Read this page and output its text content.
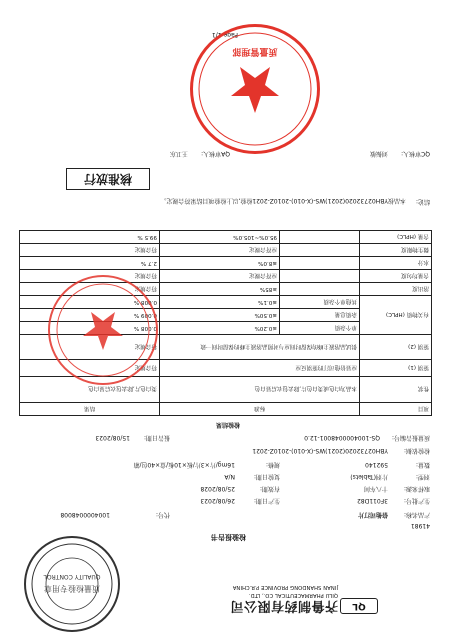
Page 1/1
41981
QL
齐鲁制药有限公司
QILU PHARMACEUTICAL CO., LTD.
JINAN SHANDONG PROVINCE P.R.CHINA
检验报告书
产品名称:
倍他司汀片
代号:
1004000048008
生产批号:
3F011D82
生产日期:
26/08/2023
取样来源:
十八车间
有效期:
25/08/2028
剂型:
片剂(Tablets)
复验日期:
N/A
数量:
592140
规格:
16mg/片×3片/板×10板/盒×40包/箱
检验依据:
YBH02732020(2021)WS-(X-010)-2010Z-2021
质量报告编号:
QS-1004000048001-12.0
报告日期:
15/08/2023
检验结果
项目	标准		结果
性状	本品为白色或类白色片,除去包衣后显白色		类白色片,除去包衣后显白色
鉴别 (1)	应显倍他司汀的鉴别反应		符合规定
鉴别 (2)	供试品溶液主峰的保留时间应与对照品溶液主峰的保留时间一致		符合规定
有关物质 (HPLC)	单个杂质	≤0.20%	0.008 %
	杂质总量	≤0.50%	0.009 %
	其他单个杂质	≤0.1%	0.008 %
溶出度		≥85%	符合规定
含量均匀度		应符合规定	符合规定
水分		≤8.0%	2.7 %
微生物限度		应符合规定	符合规定
含量 (HPLC)		95.0%~105.0%	99.5 %
结论:
本品按YBH02732020(2021)WS-(X-010)-2010Z-2021检验,以上检验项目结果符合规定。
核准放行
QA审核人:
王卫东	QC审核人:
刘振敏
质量检验专用章
QUALITY CONTROL
质量管理部
